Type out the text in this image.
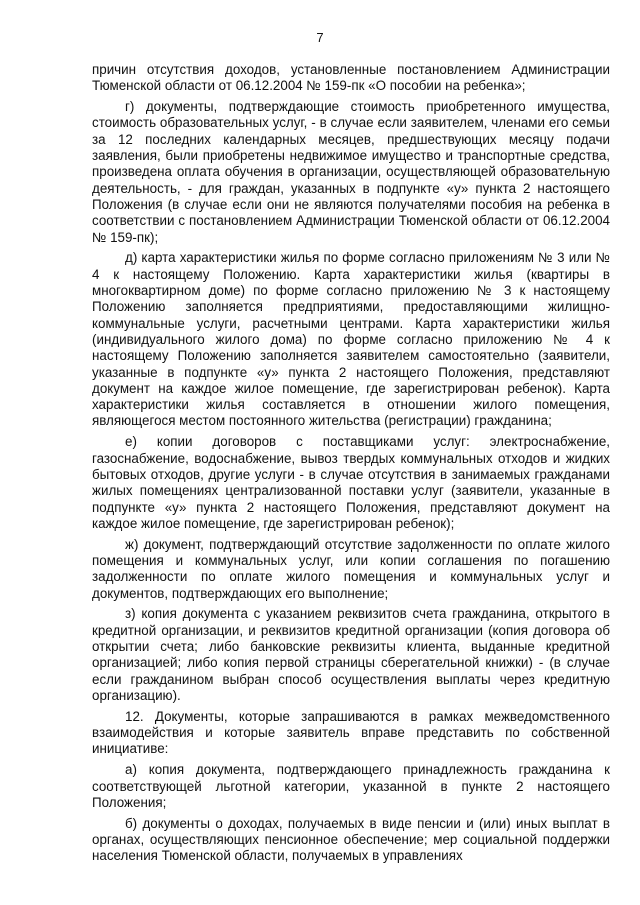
7

причин отсутствия доходов, установленные постановлением Администрации Тюменской области от 06.12.2004 № 159-пк «О пособии на ребенка»;

г) документы, подтверждающие стоимость приобретенного имущества, стоимость образовательных услуг, - в случае если заявителем, членами его семьи за 12 последних календарных месяцев, предшествующих месяцу подачи заявления, были приобретены недвижимое имущество и транспортные средства, произведена оплата обучения в организации, осуществляющей образовательную деятельность, - для граждан, указанных в подпункте «у» пункта 2 настоящего Положения (в случае если они не являются получателями пособия на ребенка в соответствии с постановлением Администрации Тюменской области от 06.12.2004 № 159-пк);

д) карта характеристики жилья по форме согласно приложениям № 3 или № 4 к настоящему Положению. Карта характеристики жилья (квартиры в многоквартирном доме) по форме согласно приложению № 3 к настоящему Положению заполняется предприятиями, предоставляющими жилищно-коммунальные услуги, расчетными центрами. Карта характеристики жилья (индивидуального жилого дома) по форме согласно приложению № 4 к настоящему Положению заполняется заявителем самостоятельно (заявители, указанные в подпункте «у» пункта 2 настоящего Положения, представляют документ на каждое жилое помещение, где зарегистрирован ребенок). Карта характеристики жилья составляется в отношении жилого помещения, являющегося местом постоянного жительства (регистрации) гражданина;

е) копии договоров с поставщиками услуг: электроснабжение, газоснабжение, водоснабжение, вывоз твердых коммунальных отходов и жидких бытовых отходов, другие услуги - в случае отсутствия в занимаемых гражданами жилых помещениях централизованной поставки услуг (заявители, указанные в подпункте «у» пункта 2 настоящего Положения, представляют документ на каждое жилое помещение, где зарегистрирован ребенок);

ж) документ, подтверждающий отсутствие задолженности по оплате жилого помещения и коммунальных услуг, или копии соглашения по погашению задолженности по оплате жилого помещения и коммунальных услуг и документов, подтверждающих его выполнение;

з) копия документа с указанием реквизитов счета гражданина, открытого в кредитной организации, и реквизитов кредитной организации (копия договора об открытии счета; либо банковские реквизиты клиента, выданные кредитной организацией; либо копия первой страницы сберегательной книжки) - (в случае если гражданином выбран способ осуществления выплаты через кредитную организацию).

12. Документы, которые запрашиваются в рамках межведомственного взаимодействия и которые заявитель вправе представить по собственной инициативе:

а) копия документа, подтверждающего принадлежность гражданина к соответствующей льготной категории, указанной в пункте 2 настоящего Положения;

б) документы о доходах, получаемых в виде пенсии и (или) иных выплат в органах, осуществляющих пенсионное обеспечение; мер социальной поддержки населения Тюменской области, получаемых в управлениях
